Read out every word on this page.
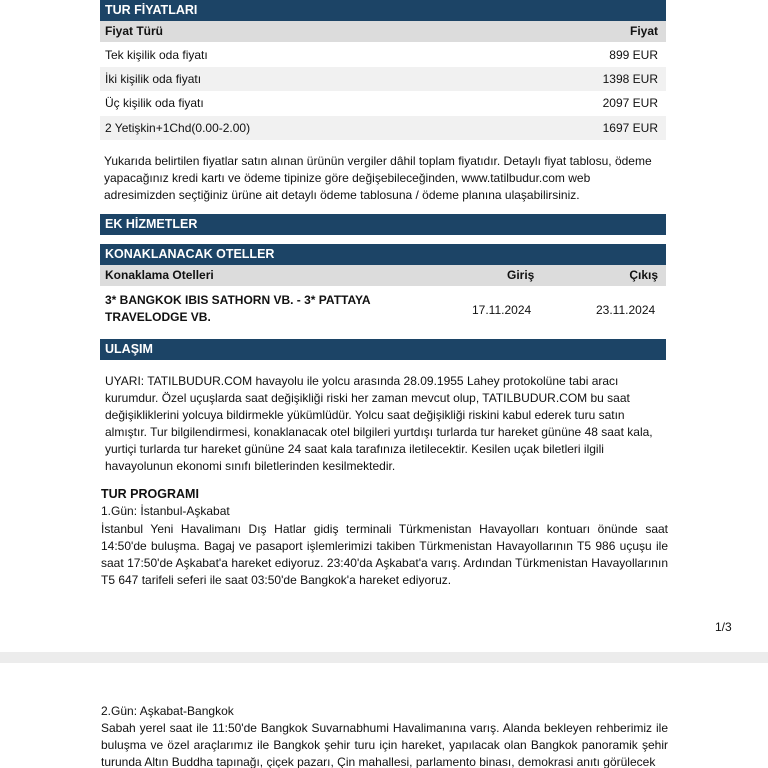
TUR FİYATLARI
Fiyat Türü	Fiyat
Tek kişilik oda fiyatı	899 EUR
İki kişilik oda fiyatı	1398 EUR
Üç kişilik oda fiyatı	2097 EUR
2 Yetişkin+1Chd(0.00-2.00)	1697 EUR
Yukarıda belirtilen fiyatlar satın alınan ürünün vergiler dâhil toplam fiyatıdır. Detaylı fiyat tablosu, ödeme yapacağınız kredi kartı ve ödeme tipinize göre değişebileceğinden, www.tatilbudur.com web adresimizden seçtiğiniz ürüne ait detaylı ödeme tablosuna / ödeme planına ulaşabilirsiniz.
EK HİZMETLER
KONAKLANACAK OTELLER
Konaklama Otelleri	Giriş	Çıkış
3* BANGKOK IBIS SATHORN VB. - 3* PATTAYA TRAVELODGE VB.	17.11.2024	23.11.2024
ULAŞIM
UYARI: TATILBUDUR.COM havayolu ile yolcu arasında 28.09.1955 Lahey protokolüne tabi aracı kurumdur. Özel uçuşlarda saat değişikliği riski her zaman mevcut olup, TATILBUDUR.COM bu saat değişikliklerini yolcuya bildirmekle yükümlüdür. Yolcu saat değişikliği riskini kabul ederek turu satın almıştır. Tur bilgilendirmesi, konaklanacak otel bilgileri yurtdışı turlarda tur hareket gününe 48 saat kala, yurtiçi turlarda tur hareket gününe 24 saat kala tarafınıza iletilecektir. Kesilen uçak biletleri ilgili havayolunun ekonomi sınıfı biletlerinden kesilmektedir.
TUR PROGRAMI
1.Gün: İstanbul-Aşkabat
İstanbul Yeni Havalimanı Dış Hatlar gidiş terminali Türkmenistan Havayolları kontuarı önünde saat 14:50'de buluşma. Bagaj ve pasaport işlemlerimizi takiben Türkmenistan Havayollarının T5 986 uçuşu ile saat 17:50'de Aşkabat'a hareket ediyoruz. 23:40'da Aşkabat'a varış. Ardından Türkmenistan Havayollarının T5 647 tarifeli seferi ile saat 03:50'de Bangkok'a hareket ediyoruz.
1/3
2.Gün: Aşkabat-Bangkok
Sabah yerel saat ile 11:50'de Bangkok Suvarnabhumi Havalimanına varış. Alanda bekleyen rehberimiz ile buluşma ve özel araçlarımız ile Bangkok şehir turu için hareket, yapılacak olan Bangkok panoramik şehir turunda Altın Buddha tapınağı, çiçek pazarı, Çin mahallesi, parlamento binası, demokrasi anıtı görülecek
